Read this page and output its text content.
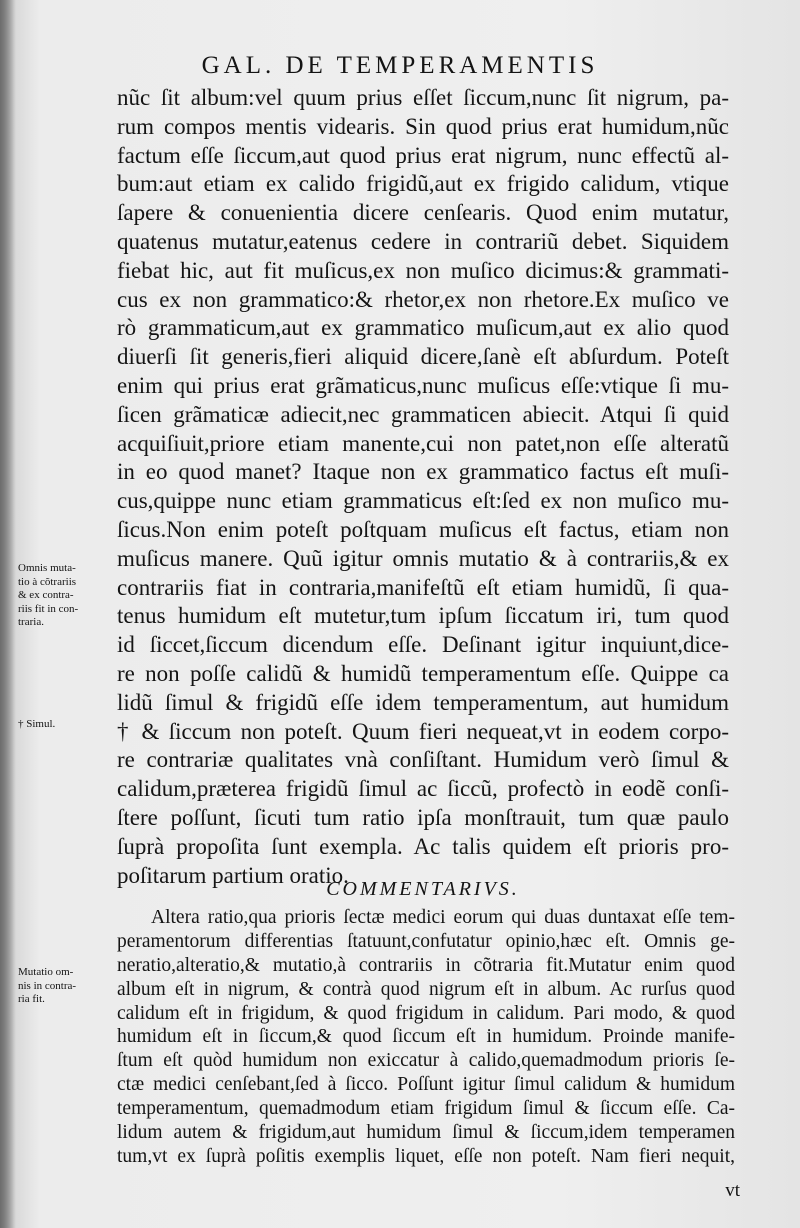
GAL. DE TEMPERAMENTIS
nũc ſit album:vel quum prius eſſet ſiccum,nunc ſit nigrum, pa-
rum compos mentis videaris. Sin quod prius erat humidum,nũc
factum eſſe ſiccum,aut quod prius erat nigrum, nunc effectũ al-
bum:aut etiam ex calido frigidũ,aut ex frigido calidum, vtique
ſapere & conuenientia dicere cenſearis. Quod enim mutatur,
quatenus mutatur,eatenus cedere in contrariũ debet. Siquidem
fiebat hic, aut fit muſicus,ex non muſico dicimus:& grammati-
cus ex non grammatico:& rhetor,ex non rhetore.Ex muſico ve
rò grammaticum,aut ex grammatico muſicum,aut ex alio quod
diuerſi ſit generis,fieri aliquid dicere,ſanè eſt abſurdum. Poteſt
enim qui prius erat grãmaticus,nunc muſicus eſſe:vtique ſi mu-
ſicen grãmaticæ adiecit,nec grammaticen abiecit. Atqui ſi quid
acquiſiuit,priore etiam manente,cui non patet,non eſſe alteratũ
in eo quod manet? Itaque non ex grammatico factus eſt muſi-
cus,quippe nunc etiam grammaticus eſt:ſed ex non muſico mu-
ſicus.Non enim poteſt poſtquam muſicus eſt factus, etiam non
muſicus manere. Quũ igitur omnis mutatio & à contrariis,& ex
contrariis fiat in contraria,manifeſtũ eſt etiam humidũ, ſi qua-
tenus humidum eſt mutetur,tum ipſum ſiccatum iri, tum quod
id ſiccet,ſiccum dicendum eſſe. Deſinant igitur inquiunt,dice-
re non poſſe calidũ & humidũ temperamentum eſſe. Quippe ca
lidũ ſimul & frigidũ eſſe idem temperamentum, aut humidum
† & ſiccum non poteſt. Quum fieri nequeat,vt in eodem corpo-
re contrariæ qualitates vnà conſiſtant. Humidum verò ſimul &
calidum,præterea frigidũ ſimul ac ſiccũ, profectò in eodẽ conſi-
ſtere poſſunt, ſicuti tum ratio ipſa monſtrauit, tum quæ paulo
ſuprà propoſita ſunt exempla. Ac talis quidem eſt prioris pro-
poſitarum partium oratio.
Omnis muta-
tio à cõtrariis
& ex contra-
riis fit in con-
traria.
† Simul.
COMMENTARIVS.
Altera ratio,qua prioris ſectæ medici eorum qui duas duntaxat eſſe tem-
peramentorum differentias ſtatuunt,confutatur opinio,hæc eſt. Omnis ge-
neratio,alteratio,& mutatio,à contrariis in cõtraria fit.Mutatur enim quod
album eſt in nigrum, & contrà quod nigrum eſt in album. Ac rurſus quod
calidum eſt in frigidum, & quod frigidum in calidum. Pari modo, & quod
humidum eſt in ſiccum,& quod ſiccum eſt in humidum. Proinde manife-
ſtum eſt quòd humidum non exiccatur à calido,quemadmodum prioris ſe-
ctæ medici cenſebant,ſed à ſicco. Poſſunt igitur ſimul calidum & humidum
temperamentum, quemadmodum etiam frigidum ſimul & ſiccum eſſe. Ca-
lidum autem & frigidum,aut humidum ſimul & ſiccum,idem temperamen
tum,vt ex ſuprà poſitis exemplis liquet, eſſe non poteſt. Nam fieri nequit,
Mutatio om-
nis in contra-
ria fit.
vt
